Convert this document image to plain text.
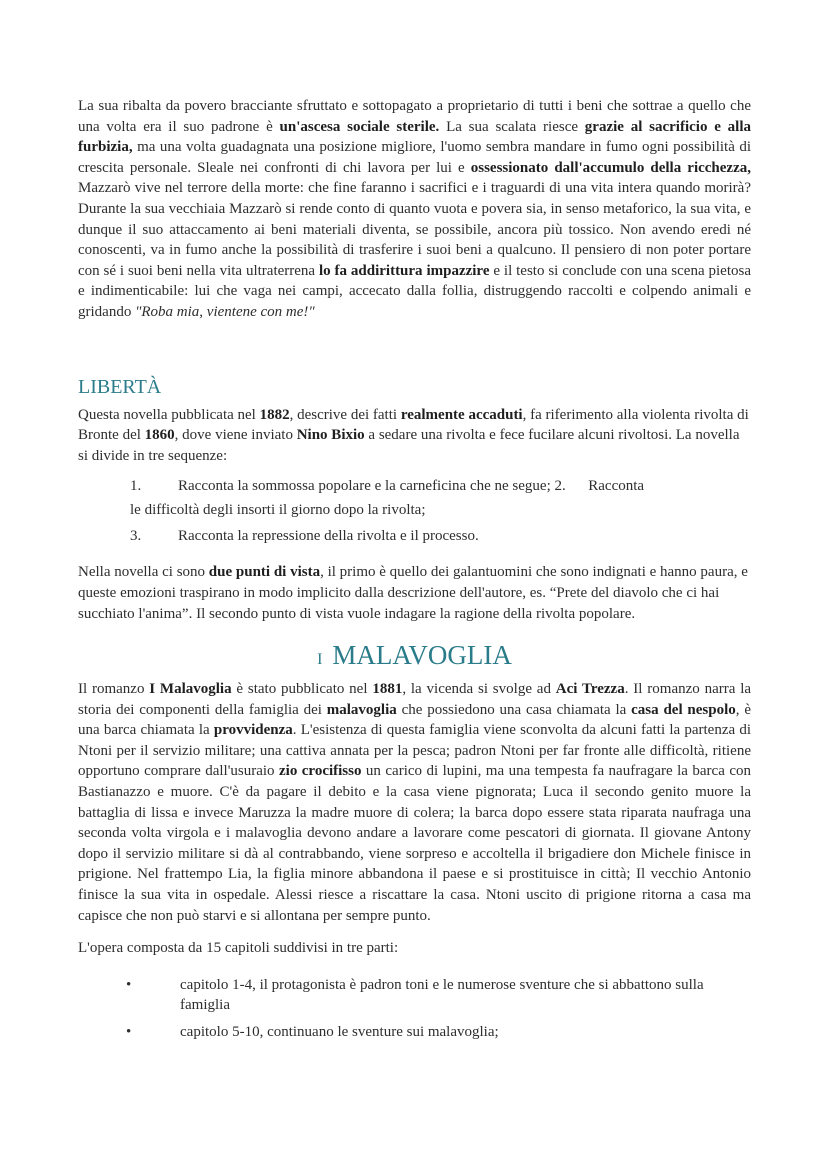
La sua ribalta da povero bracciante sfruttato e sottopagato a proprietario di tutti i beni che sottrae a quello che una volta era il suo padrone è un'ascesa sociale sterile. La sua scalata riesce grazie al sacrificio e alla furbizia, ma una volta guadagnata una posizione migliore, l'uomo sembra mandare in fumo ogni possibilità di crescita personale. Sleale nei confronti di chi lavora per lui e ossessionato dall'accumulo della ricchezza, Mazzarò vive nel terrore della morte: che fine faranno i sacrifici e i traguardi di una vita intera quando morirà? Durante la sua vecchiaia Mazzarò si rende conto di quanto vuota e povera sia, in senso metaforico, la sua vita, e dunque il suo attaccamento ai beni materiali diventa, se possibile, ancora più tossico. Non avendo eredi né conoscenti, va in fumo anche la possibilità di trasferire i suoi beni a qualcuno. Il pensiero di non poter portare con sé i suoi beni nella vita ultraterrena lo fa addirittura impazzire e il testo si conclude con una scena pietosa e indimenticabile: lui che vaga nei campi, accecato dalla follia, distruggendo raccolti e colpendo animali e gridando "Roba mia, vientene con me!"

LIBERTÀ

Questa novella pubblicata nel 1882, descrive dei fatti realmente accaduti, fa riferimento alla violenta rivolta di Bronte del 1860, dove viene inviato Nino Bixio a sedare una rivolta e fece fucilare alcuni rivoltosi. La novella si divide in tre sequenze:

1. Racconta la sommossa popolare e la carneficina che ne segue; 2. Racconta
le difficoltà degli insorti il giorno dopo la rivolta;
3. Racconta la repressione della rivolta e il processo.

Nella novella ci sono due punti di vista, il primo è quello dei galantuomini che sono indignati e hanno paura, e queste emozioni traspirano in modo implicito dalla descrizione dell'autore, es. “Prete del diavolo che ci hai succhiato l'anima”. Il secondo punto di vista vuole indagare la ragione della rivolta popolare.

I MALAVOGLIA

Il romanzo I Malavoglia è stato pubblicato nel 1881, la vicenda si svolge ad Aci Trezza. Il romanzo narra la storia dei componenti della famiglia dei malavoglia che possiedono una casa chiamata la casa del nespolo, è una barca chiamata la provvidenza. L'esistenza di questa famiglia viene sconvolta da alcuni fatti la partenza di Ntoni per il servizio militare; una cattiva annata per la pesca; padron Ntoni per far fronte alle difficoltà, ritiene opportuno comprare dall'usuraio zio crocifisso un carico di lupini, ma una tempesta fa naufragare la barca con Bastianazzo e muore. C'è da pagare il debito e la casa viene pignorata; Luca il secondo genito muore la battaglia di lissa e invece Maruzza la madre muore di colera; la barca dopo essere stata riparata naufraga una seconda volta virgola e i malavoglia devono andare a lavorare come pescatori di giornata. Il giovane Antony dopo il servizio militare si dà al contrabbando, viene sorpreso e accoltella il brigadiere don Michele finisce in prigione. Nel frattempo Lia, la figlia minore abbandona il paese e si prostituisce in città; Il vecchio Antonio finisce la sua vita in ospedale. Alessi riesce a riscattare la casa. Ntoni uscito di prigione ritorna a casa ma capisce che non può starvi e si allontana per sempre punto.

L'opera composta da 15 capitoli suddivisi in tre parti:

•	capitolo 1-4, il protagonista è padron toni e le numerose sventure che si abbattono sulla famiglia
•	capitolo 5-10, continuano le sventure sui malavoglia;
